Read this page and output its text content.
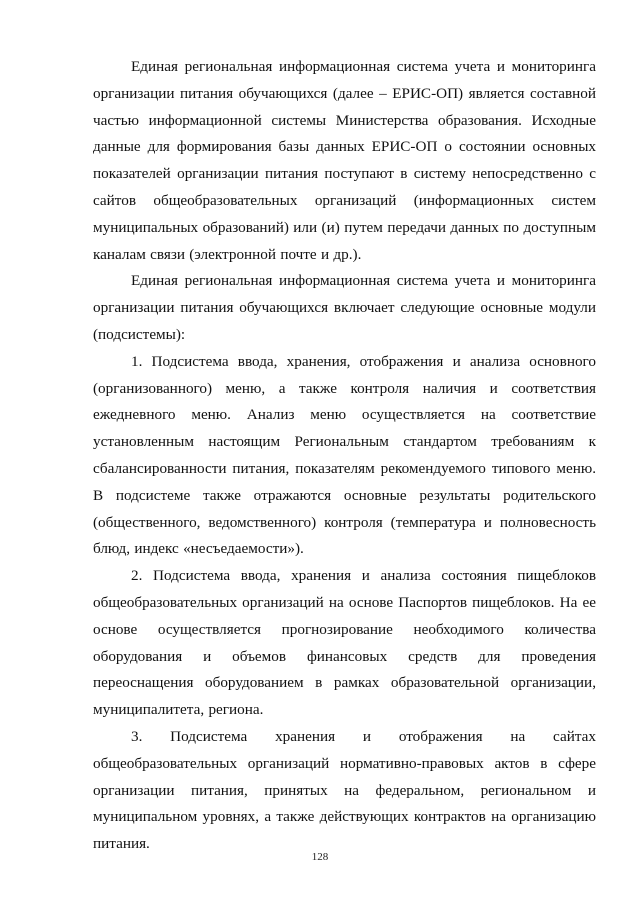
Единая региональная информационная система учета и мониторинга организации питания обучающихся (далее – ЕРИС-ОП) является составной частью информационной системы Министерства образования. Исходные данные для формирования базы данных ЕРИС-ОП о состоянии основных показателей организации питания поступают в систему непосредственно с сайтов общеобразовательных организаций (информационных систем муниципальных образований) или (и) путем передачи данных по доступным каналам связи (электронной почте и др.).

Единая региональная информационная система учета и мониторинга организации питания обучающихся включает следующие основные модули (подсистемы):

1. Подсистема ввода, хранения, отображения и анализа основного (организованного) меню, а также контроля наличия и соответствия ежедневного меню. Анализ меню осуществляется на соответствие установленным настоящим Региональным стандартом требованиям к сбалансированности питания, показателям рекомендуемого типового меню. В подсистеме также отражаются основные результаты родительского (общественного, ведомственного) контроля (температура и полновесность блюд, индекс «несъедаемости»).

2. Подсистема ввода, хранения и анализа состояния пищеблоков общеобразовательных организаций на основе Паспортов пищеблоков. На ее основе осуществляется прогнозирование необходимого количества оборудования и объемов финансовых средств для проведения переоснащения оборудованием в рамках образовательной организации, муниципалитета, региона.

3. Подсистема хранения и отображения на сайтах общеобразовательных организаций нормативно-правовых актов в сфере организации питания, принятых на федеральном, региональном и муниципальном уровнях, а также действующих контрактов на организацию питания.

128
